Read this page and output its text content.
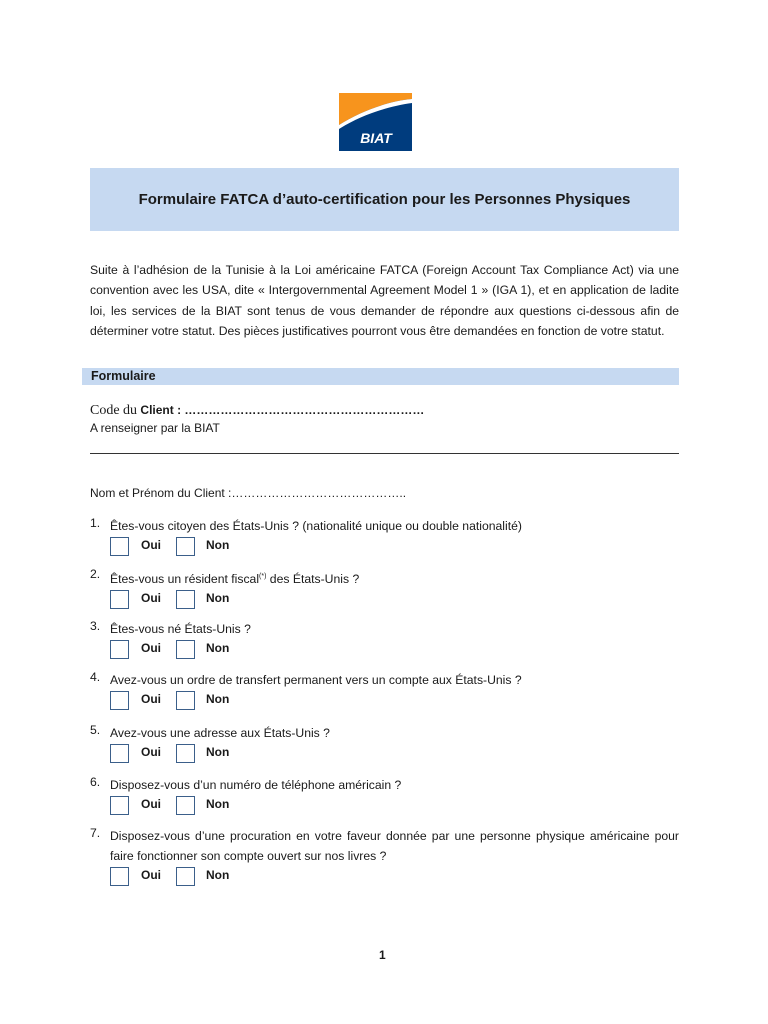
BIAT
Formulaire FATCA d’auto-certification pour les Personnes Physiques

Suite à l’adhésion de la Tunisie à la Loi américaine FATCA (Foreign Account Tax Compliance Act) via une convention avec les USA, dite « Intergovernmental Agreement Model 1 » (IGA 1), et en application de ladite loi, les services de la BIAT sont tenus de vous demander de répondre aux questions ci-dessous afin de déterminer votre statut. Des pièces justificatives pourront vous être demandées en fonction de votre statut.

Formulaire
Code du Client : ……………………………………………………
A renseigner par la BIAT
Nom et Prénom du Client :……………………………………..
1. Êtes-vous citoyen des États-Unis ? (nationalité unique ou double nationalité)
Oui	Non
2. Êtes-vous un résident fiscal(*) des États-Unis ?
Oui	Non
3. Êtes-vous né États-Unis ?
Oui	Non
4. Avez-vous un ordre de transfert permanent vers un compte aux États-Unis ?
Oui	Non
5. Avez-vous une adresse aux États-Unis ?
Oui	Non
6. Disposez-vous d’un numéro de téléphone américain ?
Oui	Non
7. Disposez-vous d’une procuration en votre faveur donnée par une personne physique américaine pour faire fonctionner son compte ouvert sur nos livres ?
Oui	Non
1
